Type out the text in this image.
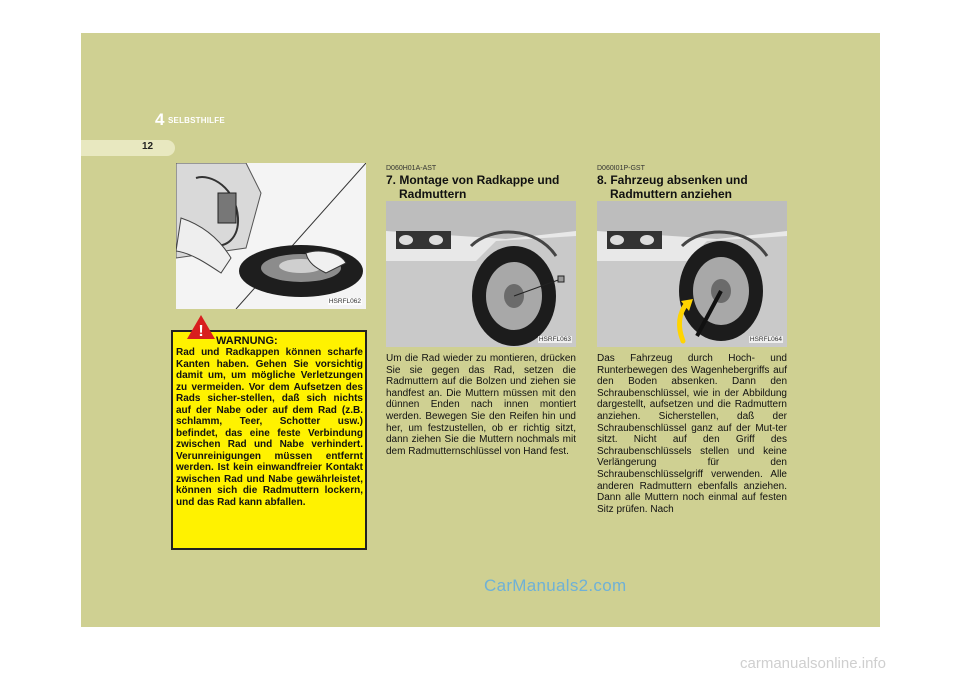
4 SELBSTHILFE
12
HSRFL062
!
WARNUNG:
Rad und Radkappen können scharfe Kanten haben. Gehen Sie vorsichtig damit um, um mögliche Verletzungen zu vermeiden. Vor dem Aufsetzen des Rads sicher-stellen, daß sich nichts auf der Nabe oder auf dem Rad (z.B. schlamm, Teer, Schotter usw.) befindet, das eine feste Verbindung zwischen Rad und Nabe verhindert. Verunreinigungen müssen entfernt werden. Ist kein einwandfreier Kontakt zwischen Rad und Nabe gewährleistet, können sich die Radmuttern lockern, und das Rad kann abfallen.
D060H01A-AST
7. Montage von Radkappe und
Radmuttern
HSRFL063
Um die Rad wieder zu montieren, drücken Sie sie gegen das Rad, setzen die Radmuttern auf die Bolzen und ziehen sie handfest an. Die Muttern müssen mit den dünnen Enden nach innen montiert werden. Bewegen Sie den Reifen hin und her, um festzustellen, ob er richtig sitzt, dann ziehen Sie die Muttern nochmals mit dem Radmutternschlüssel von Hand fest.
D060I01P-GST
8. Fahrzeug absenken und
Radmuttern anziehen
HSRFL064
Das Fahrzeug durch Hoch- und Runterbewegen des Wagenhebergriffs auf den Boden absenken. Dann den Schraubenschlüssel, wie in der Abbildung dargestellt, aufsetzen und die Radmuttern anziehen. Sicherstellen, daß der Schraubenschlüssel ganz auf der Mut-ter sitzt. Nicht auf den Griff des Schraubenschlüssels stellen und keine Verlängerung für den Schraubenschlüsselgriff verwenden. Alle anderen Radmuttern ebenfalls anziehen. Dann alle Muttern noch einmal auf festen Sitz prüfen. Nach
CarManuals2.com
carmanualsonline.info
